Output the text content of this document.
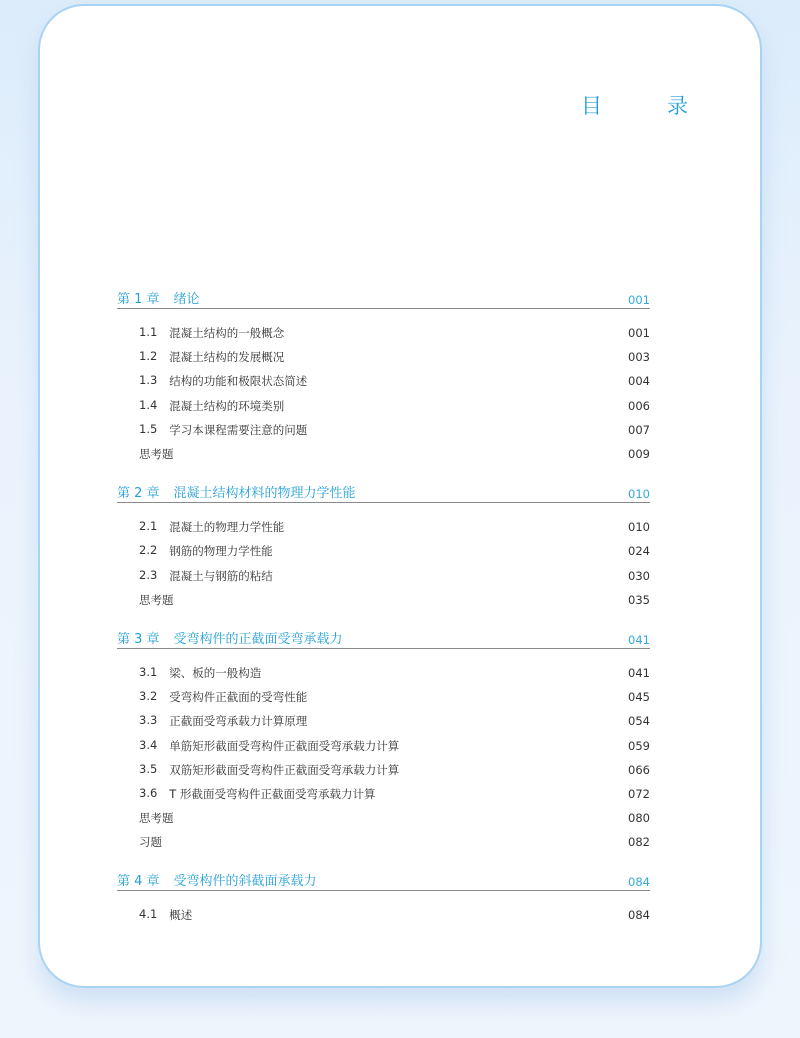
目　录
第 1 章 绪论	001
1.1 混凝土结构的一般概念	001
1.2 混凝土结构的发展概况	003
1.3 结构的功能和极限状态简述	004
1.4 混凝土结构的环境类别	006
1.5 学习本课程需要注意的问题	007
思考题	009
第 2 章 混凝土结构材料的物理力学性能	010
2.1 混凝土的物理力学性能	010
2.2 钢筋的物理力学性能	024
2.3 混凝土与钢筋的粘结	030
思考题	035
第 3 章 受弯构件的正截面受弯承载力	041
3.1 梁、板的一般构造	041
3.2 受弯构件正截面的受弯性能	045
3.3 正截面受弯承载力计算原理	054
3.4 单筋矩形截面受弯构件正截面受弯承载力计算	059
3.5 双筋矩形截面受弯构件正截面受弯承载力计算	066
3.6 T 形截面受弯构件正截面受弯承载力计算	072
思考题	080
习题	082
第 4 章 受弯构件的斜截面承载力	084
4.1 概述	084
